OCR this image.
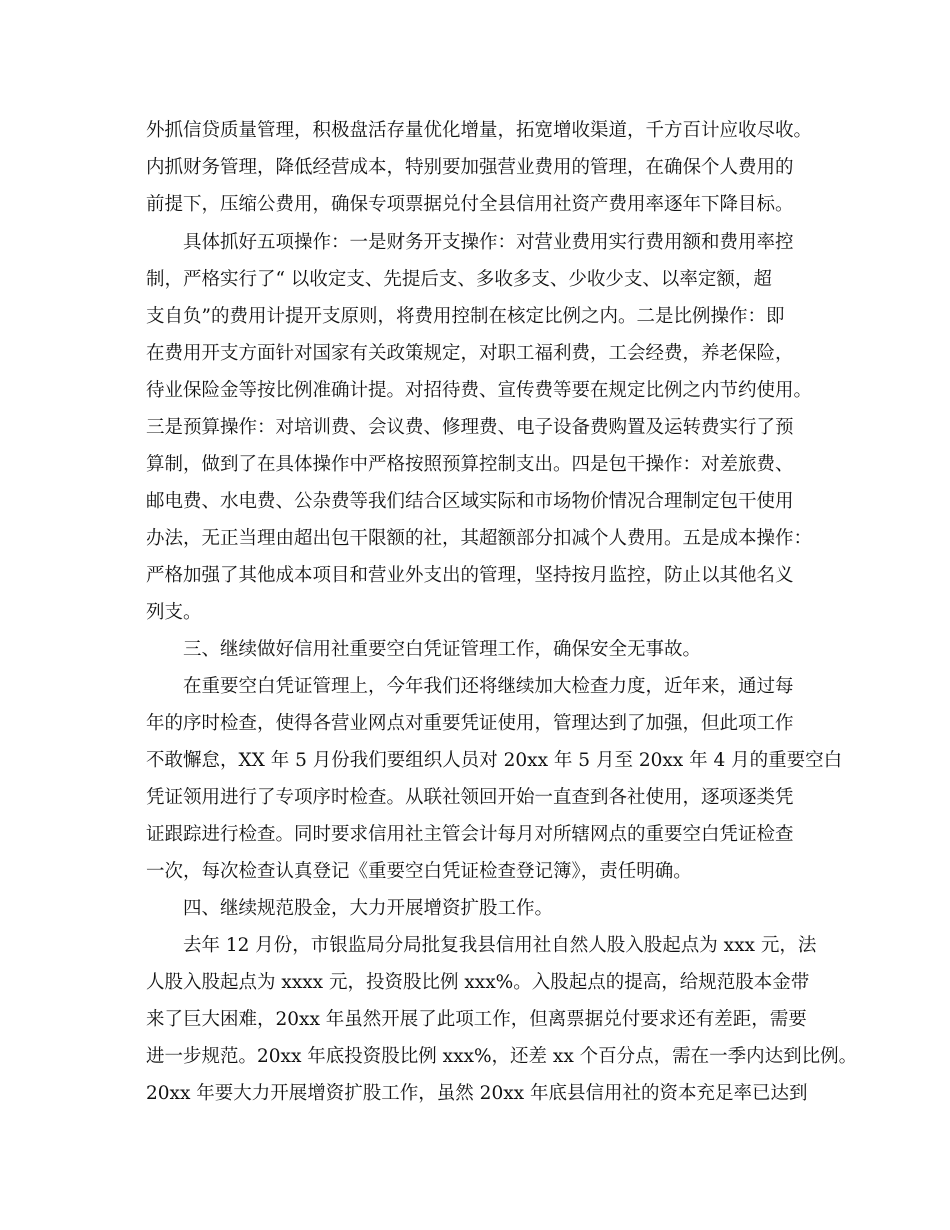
外抓信贷质量管理，积极盘活存量优化增量，拓宽增收渠道，千方百计应收尽收。

内抓财务管理，降低经营成本，特别要加强营业费用的管理，在确保个人费用的

前提下，压缩公费用，确保专项票据兑付全县信用社资产费用率逐年下降目标。

具体抓好五项操作：一是财务开支操作：对营业费用实行费用额和费用率控

制，严格实行了“ 以收定支、先提后支、多收多支、少收少支、以率定额，超

支自负”的费用计提开支原则，将费用控制在核定比例之内。二是比例操作：即

在费用开支方面针对国家有关政策规定，对职工福利费，工会经费，养老保险，

待业保险金等按比例准确计提。对招待费、宣传费等要在规定比例之内节约使用。

三是预算操作：对培训费、会议费、修理费、电子设备费购置及运转费实行了预

算制，做到了在具体操作中严格按照预算控制支出。四是包干操作：对差旅费、

邮电费、水电费、公杂费等我们结合区域实际和市场物价情况合理制定包干使用

办法，无正当理由超出包干限额的社，其超额部分扣减个人费用。五是成本操作：

严格加强了其他成本项目和营业外支出的管理，坚持按月监控，防止以其他名义

列支。

三、继续做好信用社重要空白凭证管理工作，确保安全无事故。

在重要空白凭证管理上，今年我们还将继续加大检查力度，近年来，通过每

年的序时检查，使得各营业网点对重要凭证使用，管理达到了加强，但此项工作

不敢懈怠，XX 年 5 月份我们要组织人员对 20xx 年 5 月至 20xx 年 4 月的重要空白

凭证领用进行了专项序时检查。从联社领回开始一直查到各社使用，逐项逐类凭

证跟踪进行检查。同时要求信用社主管会计每月对所辖网点的重要空白凭证检查

一次，每次检查认真登记《重要空白凭证检查登记簿》，责任明确。

四、继续规范股金，大力开展增资扩股工作。

去年 12 月份，市银监局分局批复我县信用社自然人股入股起点为 xxx 元，法

人股入股起点为 xxxx 元，投资股比例 xxx%。入股起点的提高，给规范股本金带

来了巨大困难，20xx 年虽然开展了此项工作，但离票据兑付要求还有差距，需要

进一步规范。20xx 年底投资股比例 xxx%，还差 xx 个百分点，需在一季内达到比例。

20xx 年要大力开展增资扩股工作，虽然 20xx 年底县信用社的资本充足率已达到
